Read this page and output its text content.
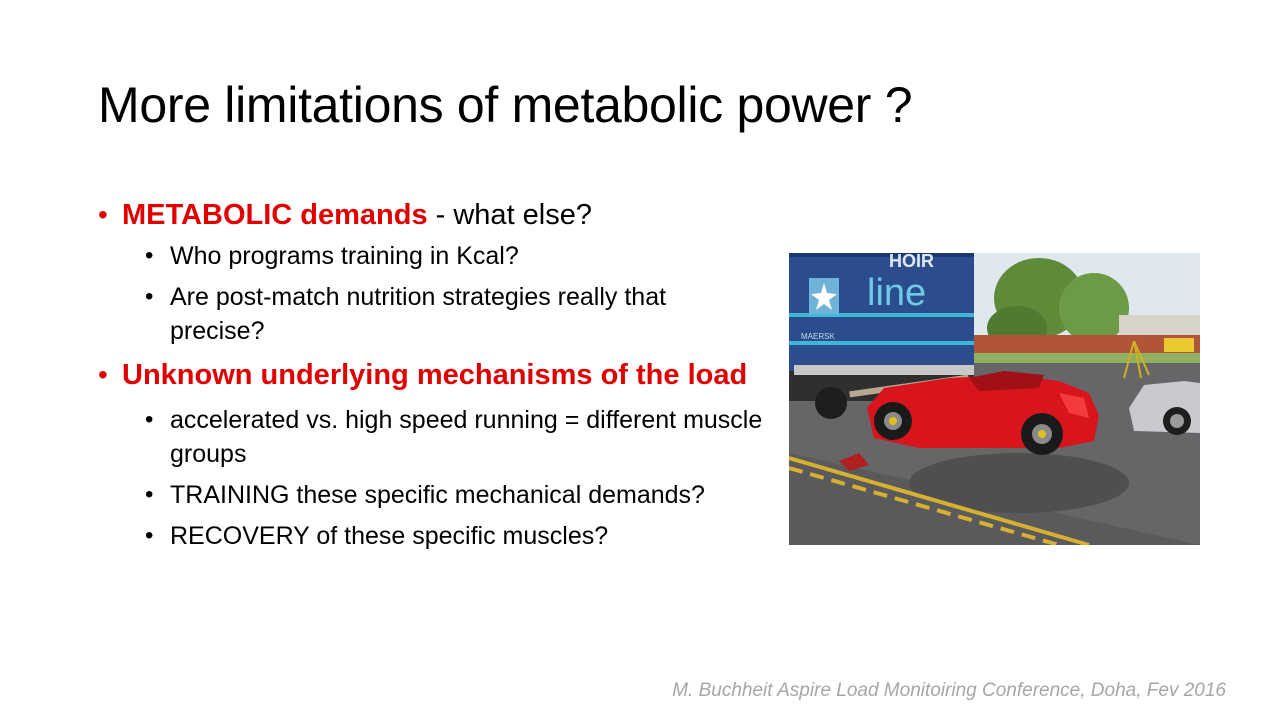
More limitations of metabolic power ?
• METABOLIC demands - what else?
• Who programs training in Kcal?
• Are post-match nutrition strategies really that precise?
• Unknown underlying mechanisms of the load
• accelerated vs. high speed running = different muscle groups
• TRAINING these specific mechanical demands?
• RECOVERY of these specific muscles?
line
HOIR
MAERSK
M. Buchheit Aspire Load Monitoiring Conference, Doha, Fev 2016
